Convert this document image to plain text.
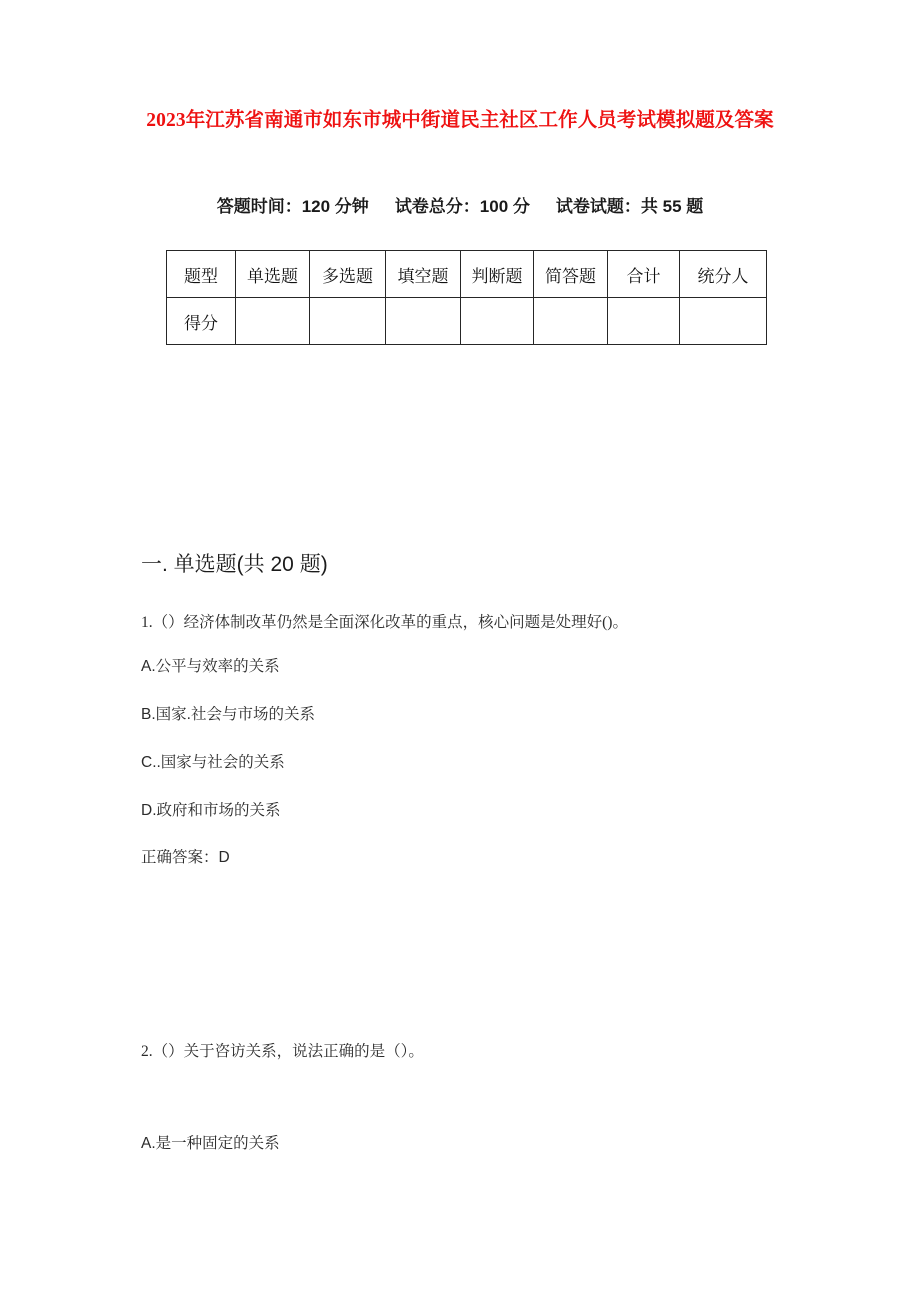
2023年江苏省南通市如东市城中街道民主社区工作人员考试模拟题及答案
答题时间：120 分钟 试卷总分：100 分 试卷试题：共 55 题
题型	单选题	多选题	填空题	判断题	简答题	合计	统分人
得分							
一. 单选题(共 20 题)
1.（）经济体制改革仍然是全面深化改革的重点，核心问题是处理好()。
A.公平与效率的关系
B.国家.社会与市场的关系
C..国家与社会的关系
D.政府和市场的关系
正确答案：D
2.（）关于咨访关系，说法正确的是（）。
A.是一种固定的关系
